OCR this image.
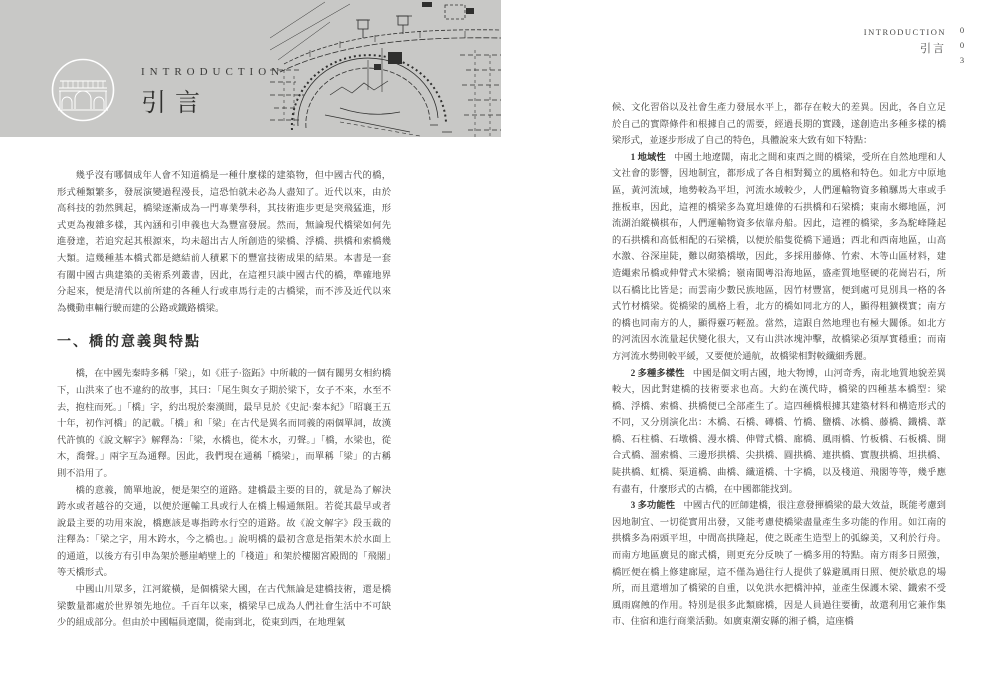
INTRODUCTION
引言
INTRODUCTION
引言 003

幾乎沒有哪個成年人會不知道橋是一種什麼樣的建築物，但中國古代的橋，形式種類繁多，發展演變過程漫長，這恐怕就未必為人盡知了。近代以來，由於高科技的勃然興起，橋梁逐漸成為一門專業學科，其技術進步更是突飛猛進，形式更為複雜多樣，其內涵和引申義也大為豐富發展。然而，無論現代橋梁如何先進發達，若追究起其根源來，均未超出古人所創造的梁橋、浮橋、拱橋和索橋幾大類。這幾種基本橋式都是總結前人積累下的豐富技術成果的結果。本書是一套有關中國古典建築的美術系列叢書，因此，在這裡只談中國古代的橋，準確地界分起來，便是清代以前所建的各種人行或車馬行走的古橋梁，而不涉及近代以來為機動車輛行駛而建的公路或鐵路橋梁。

一、橋的意義與特點

橋，在中國先秦時多稱「梁」，如《莊子·盜跖》中所載的一個有關男女相約橋下，山洪來了也不違約的故事，其曰：「尾生與女子期於梁下，女子不來，水至不去，抱柱而死。」「橋」字，約出現於秦漢間，最早見於《史記·秦本紀》「昭襄王五十年，初作河橋」的記載。「橋」和「梁」在古代是異名而同義的兩個單詞，故漢代許慎的《說文解字》解釋為：「梁，水橋也，從木水，刃聲。」「橋，水梁也，從木，喬聲。」兩字互為通釋。因此，我們現在通稱「橋梁」，而單稱「梁」的古稱則不沿用了。

橋的意義，簡單地說，便是架空的道路。建橋最主要的目的，就是為了解決跨水或者越谷的交通，以便於運輸工具或行人在橋上暢通無阻。若從其最早或者說最主要的功用來說，橋應該是專指跨水行空的道路。故《說文解字》段玉裁的注釋為：「梁之字，用木跨水，今之橋也。」說明橋的最初含意是指架木於水面上的通道，以後方有引申為架於懸崖峭壁上的「棧道」和架於樓閣宮殿間的「飛閣」等天橋形式。

中國山川眾多，江河縱橫，是個橋梁大國，在古代無論是建橋技術，還是橋梁數量都處於世界領先地位。千百年以來，橋梁早已成為人們社會生活中不可缺少的組成部分。但由於中國幅員遼闊，從南到北，從東到西，在地理氣

候、文化習俗以及社會生產力發展水平上，都存在較大的差異。因此，各自立足於自己的實際條件和根據自己的需要，經過長期的實踐，遂創造出多種多樣的橋梁形式，並逐步形成了自己的特色，具體說來大致有如下特點：

1 地域性 中國土地遼闊，南北之間和東西之間的橋梁，受所在自然地理和人文社會的影響，因地制宜，都形成了各自相對獨立的風格和特色。如北方中原地區，黃河流域，地勢較為平坦，河流水域較少，人們運輸物資多賴騾馬大車或手推板車，因此，這裡的橋梁多為寬坦雄偉的石拱橋和石梁橋；東南水鄉地區，河流湖泊縱橫棋布，人們運輸物資多依靠舟船。因此，這裡的橋梁，多為駝峰隆起的石拱橋和高低相配的石梁橋，以便於船隻從橋下通過；西北和西南地區，山高水激、谷深崖陡，難以砌築橋墩，因此，多採用藤條、竹索、木等山區材料，建造繩索吊橋或伸臂式木梁橋；嶺南閩粵沿海地區，盛產質地堅硬的花崗岩石，所以石橋比比皆是；而雲南少數民族地區，因竹材豐富，便到處可見別具一格的各式竹材橋梁。從橋梁的風格上看，北方的橋如同北方的人，顯得粗獷樸實；南方的橋也同南方的人，顯得靈巧輕盈。當然，這跟自然地理也有極大關係。如北方的河流因水流量起伏變化很大，又有山洪冰塊沖擊，故橋梁必須厚實穩重；而南方河流水勢則較平緩，又要便於通航，故橋梁相對較纖細秀麗。

2 多種多樣性 中國是個文明古國，地大物博，山河奇秀，南北地質地貌差異較大，因此對建橋的技術要求也高。大約在漢代時，橋梁的四種基本橋型：梁橋、浮橋、索橋、拱橋便已全部產生了。這四種橋根據其建築材料和構造形式的不同，又分別演化出：木橋、石橋、磚橋、竹橋、鹽橋、冰橋、藤橋、鐵橋、葦橋、石柱橋、石墩橋、漫水橋、伸臂式橋、廊橋、風雨橋、竹板橋、石板橋、開合式橋、溜索橋、三邊形拱橋、尖拱橋、圓拱橋、連拱橋、實腹拱橋、坦拱橋、陡拱橋、虹橋、渠道橋、曲橋、纖道橋、十字橋，以及棧道、飛閣等等，幾乎應有盡有，什麼形式的古橋，在中國都能找到。

3 多功能性 中國古代的匠師建橋，很注意發揮橋梁的最大效益，既能考慮到因地制宜、一切從實用出發，又能考慮使橋梁盡量產生多功能的作用。如江南的拱橋多為兩頭平坦，中間高拱隆起，使之既產生造型上的弧線美，又利於行舟。而南方地區廣見的廊式橋，則更充分反映了一橋多用的特點。南方雨多日照強，橋匠便在橋上修建廊屋，這不僅為過往行人提供了躲避風雨日照、便於歇息的場所，而且還增加了橋梁的自重，以免洪水把橋沖掉，並產生保護木梁、鐵索不受風雨腐蝕的作用。特別是很多此類廊橋，因是人員過往要衝，故還利用它兼作集市、住宿和進行商業活動。如廣東潮安縣的湘子橋，這座橋
